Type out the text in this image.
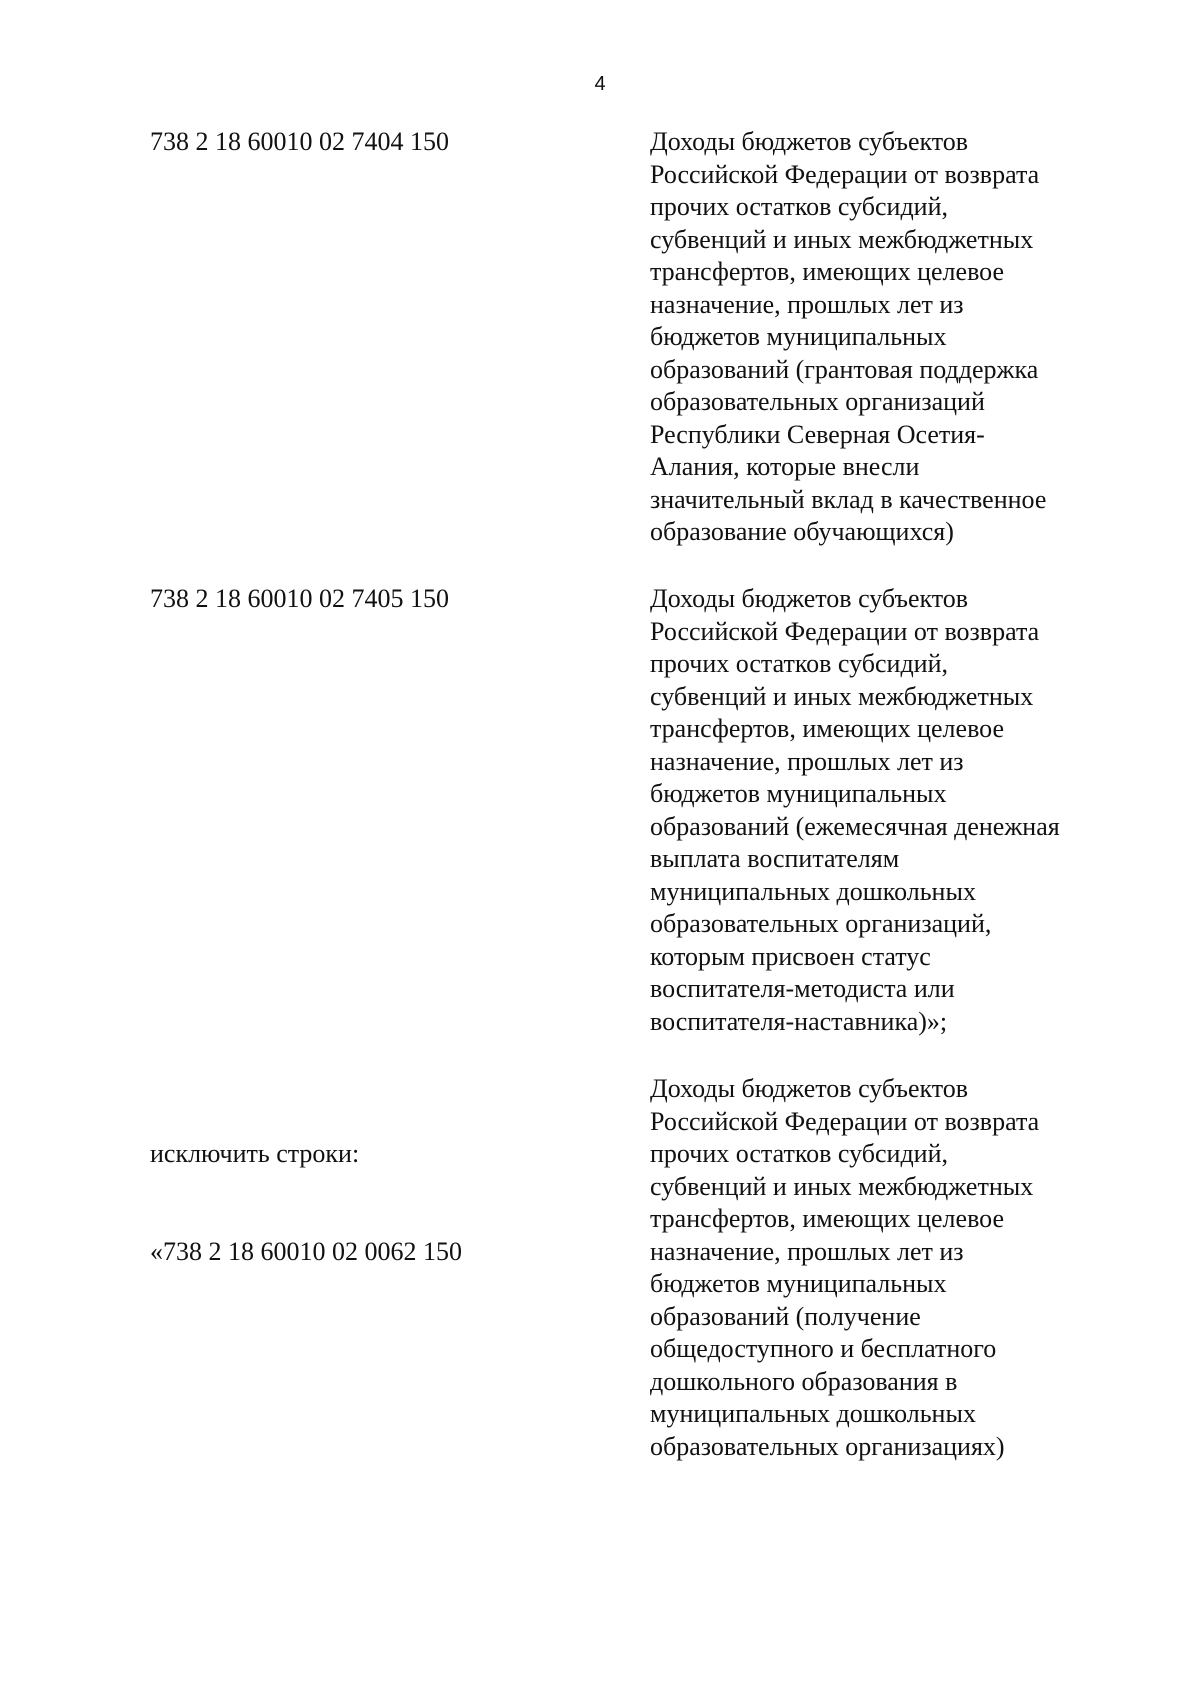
4
738 2 18 60010 02 7404 150	Доходы бюджетов субъектов
Российской Федерации от возврата
прочих остатков субсидий,
субвенций и иных межбюджетных
трансфертов, имеющих целевое
назначение, прошлых лет из
бюджетов муниципальных
образований (грантовая поддержка
образовательных организаций
Республики Северная Осетия-
Алания, которые внесли
значительный вклад в качественное
образование обучающихся)
738 2 18 60010 02 7405 150	Доходы бюджетов субъектов
Российской Федерации от возврата
прочих остатков субсидий,
субвенций и иных межбюджетных
трансфертов, имеющих целевое
назначение, прошлых лет из
бюджетов муниципальных
образований (ежемесячная денежная
выплата воспитателям
муниципальных дошкольных
образовательных организаций,
которым присвоен статус
воспитателя-методиста или
воспитателя-наставника)»;

исключить строки:

«738 2 18 60010 02 0062 150

Доходы бюджетов субъектов
Российской Федерации от возврата
прочих остатков субсидий,
субвенций и иных межбюджетных
трансфертов, имеющих целевое
назначение, прошлых лет из
бюджетов муниципальных
образований (получение
общедоступного и бесплатного
дошкольного образования в
муниципальных дошкольных
образовательных организациях)
